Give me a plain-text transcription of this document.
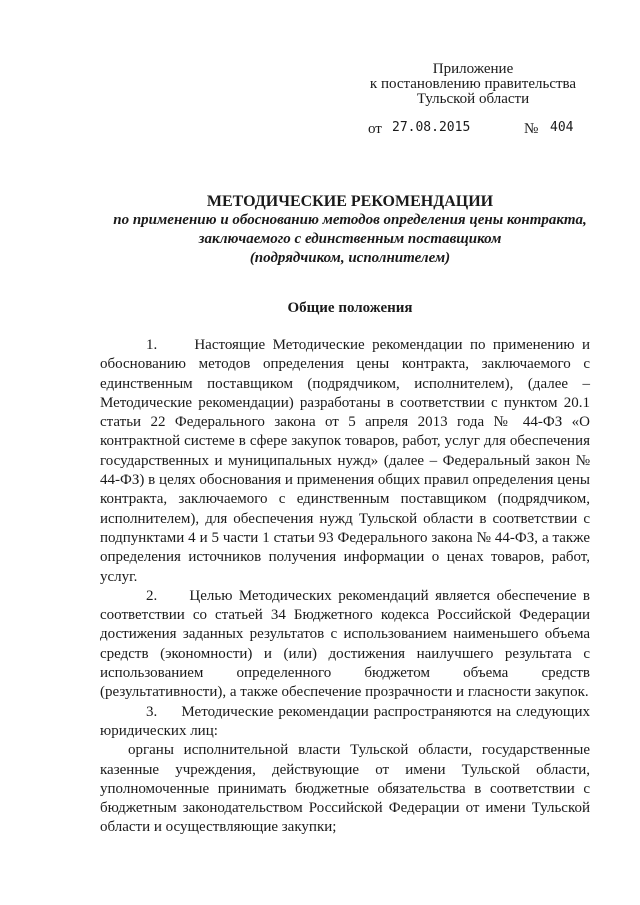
Приложение
к постановлению правительства
Тульской области
от 27.08.2015	№ 404
МЕТОДИЧЕСКИЕ РЕКОМЕНДАЦИИ
по применению и обоснованию методов определения цены контракта,
заключаемого с единственным поставщиком
(подрядчиком, исполнителем)
Общие положения

1.     Настоящие Методические рекомендации по применению и обоснованию методов определения цены контракта, заключаемого с единственным поставщиком (подрядчиком, исполнителем), (далее – Методические рекомендации) разработаны в соответствии с пунктом 20.1 статьи 22 Федерального закона от 5 апреля 2013 года № 44-ФЗ «О контрактной системе в сфере закупок товаров, работ, услуг для обеспечения государственных и муниципальных нужд» (далее – Федеральный закон № 44-ФЗ) в целях обоснования и применения общих правил определения цены контракта, заключаемого с единственным поставщиком (подрядчиком, исполнителем), для обеспечения нужд Тульской области в соответствии с подпунктами 4 и 5 части 1 статьи 93 Федерального закона № 44-ФЗ, а также определения источников получения информации о ценах товаров, работ, услуг.

2.     Целью Методических рекомендаций является обеспечение в соответствии со статьей 34 Бюджетного кодекса Российской Федерации достижения заданных результатов с использованием наименьшего объема средств (экономности) и (или) достижения наилучшего результата с использованием определенного бюджетом объема средств (результативности), а также обеспечение прозрачности и гласности закупок.

3.     Методические рекомендации распространяются на следующих юридических лиц:

органы исполнительной власти Тульской области, государственные казенные учреждения, действующие от имени Тульской области, уполномоченные принимать бюджетные обязательства в соответствии с бюджетным законодательством Российской Федерации от имени Тульской области и осуществляющие закупки;
